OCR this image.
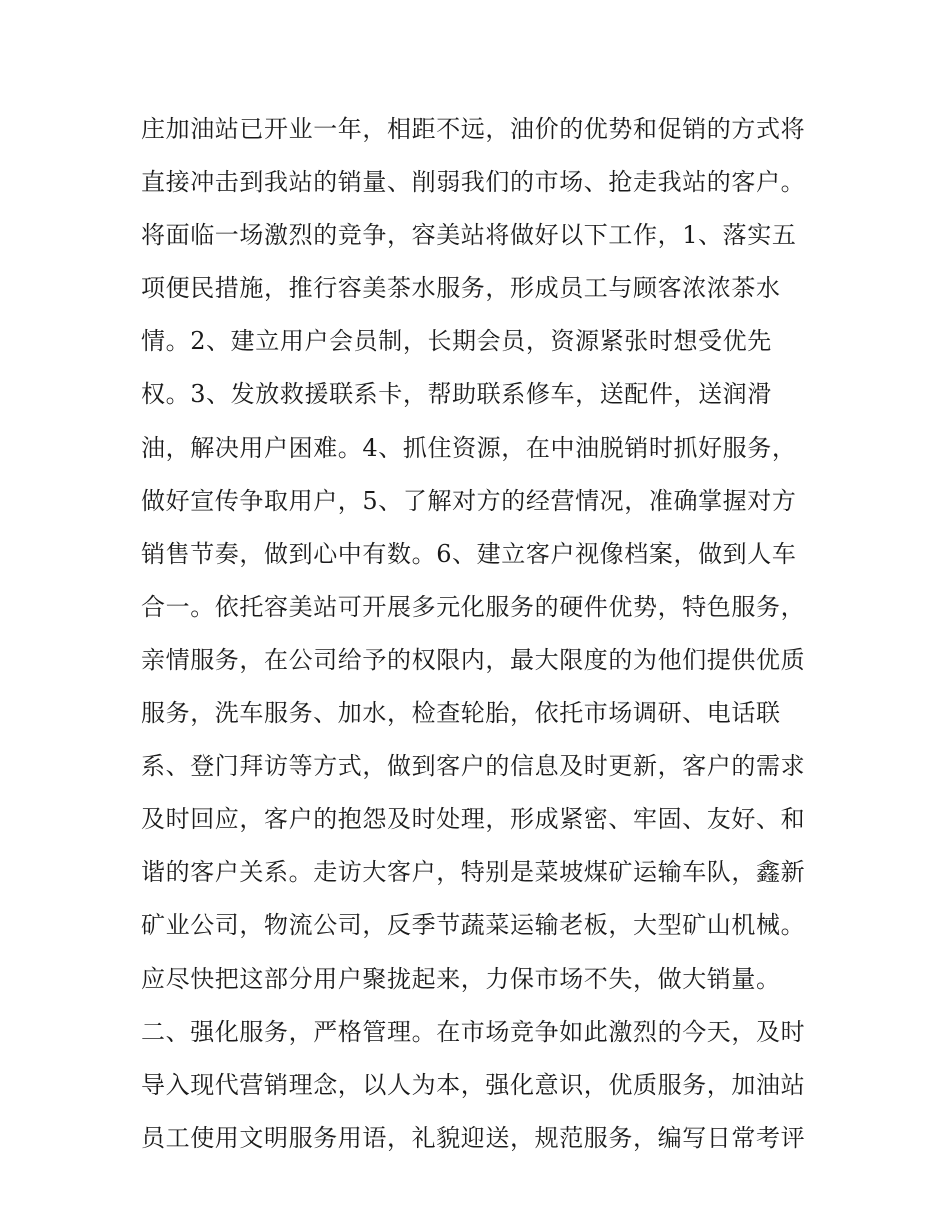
庄加油站已开业一年，相距不远，油价的优势和促销的方式将
直接冲击到我站的销量、削弱我们的市场、抢走我站的客户。
将面临一场激烈的竞争，容美站将做好以下工作，1、落实五
项便民措施，推行容美茶水服务，形成员工与顾客浓浓茶水
情。2、建立用户会员制，长期会员，资源紧张时想受优先
权。3、发放救援联系卡，帮助联系修车，送配件，送润滑
油，解决用户困难。4、抓住资源，在中油脱销时抓好服务，
做好宣传争取用户，5、了解对方的经营情况，准确掌握对方
销售节奏，做到心中有数。6、建立客户视像档案，做到人车
合一。依托容美站可开展多元化服务的硬件优势，特色服务，
亲情服务，在公司给予的权限内，最大限度的为他们提供优质
服务，洗车服务、加水，检查轮胎，依托市场调研、电话联
系、登门拜访等方式，做到客户的信息及时更新，客户的需求
及时回应，客户的抱怨及时处理，形成紧密、牢固、友好、和
谐的客户关系。走访大客户，特别是菜坡煤矿运输车队，鑫新
矿业公司，物流公司，反季节蔬菜运输老板，大型矿山机械。
应尽快把这部分用户聚拢起来，力保市场不失，做大销量。
二、强化服务，严格管理。在市场竞争如此激烈的今天，及时
导入现代营销理念，以人为本，强化意识，优质服务，加油站
员工使用文明服务用语，礼貌迎送，规范服务，编写日常考评
